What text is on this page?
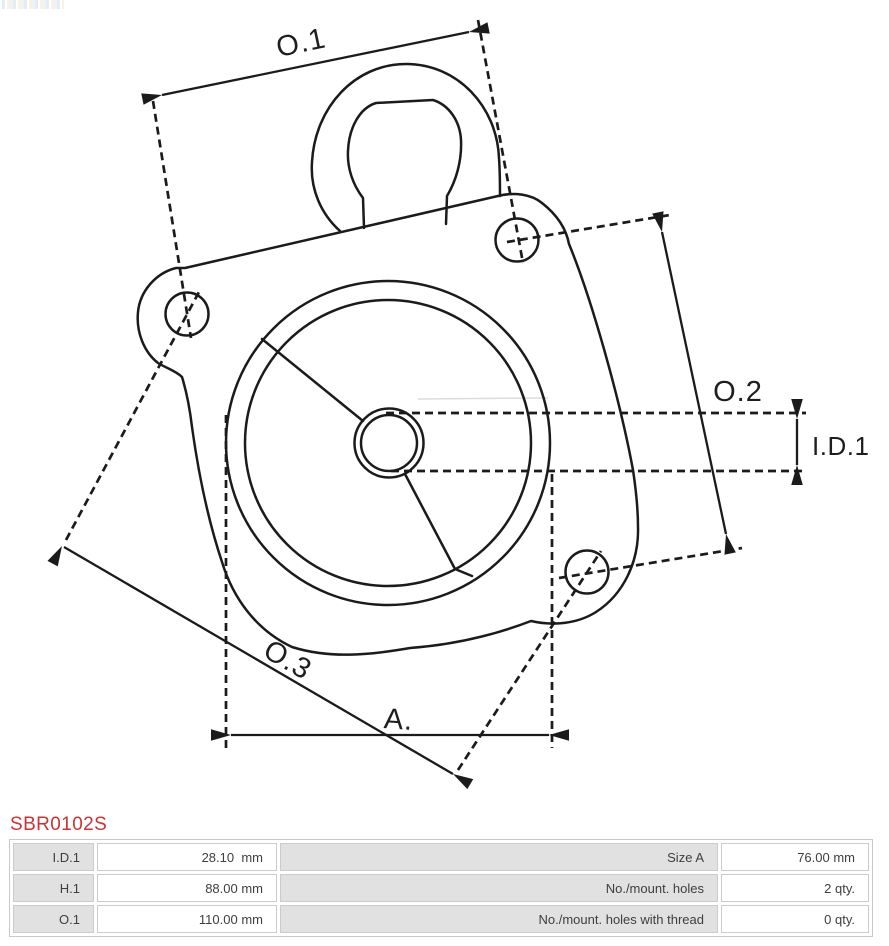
O.1
O.2
O.3
A.
I.D.1
SBR0102S
I.D.1	28.10  mm	Size A	76.00 mm
H.1	88.00 mm	No./mount. holes	2 qty.
O.1	110.00 mm	No./mount. holes with thread	0 qty.
